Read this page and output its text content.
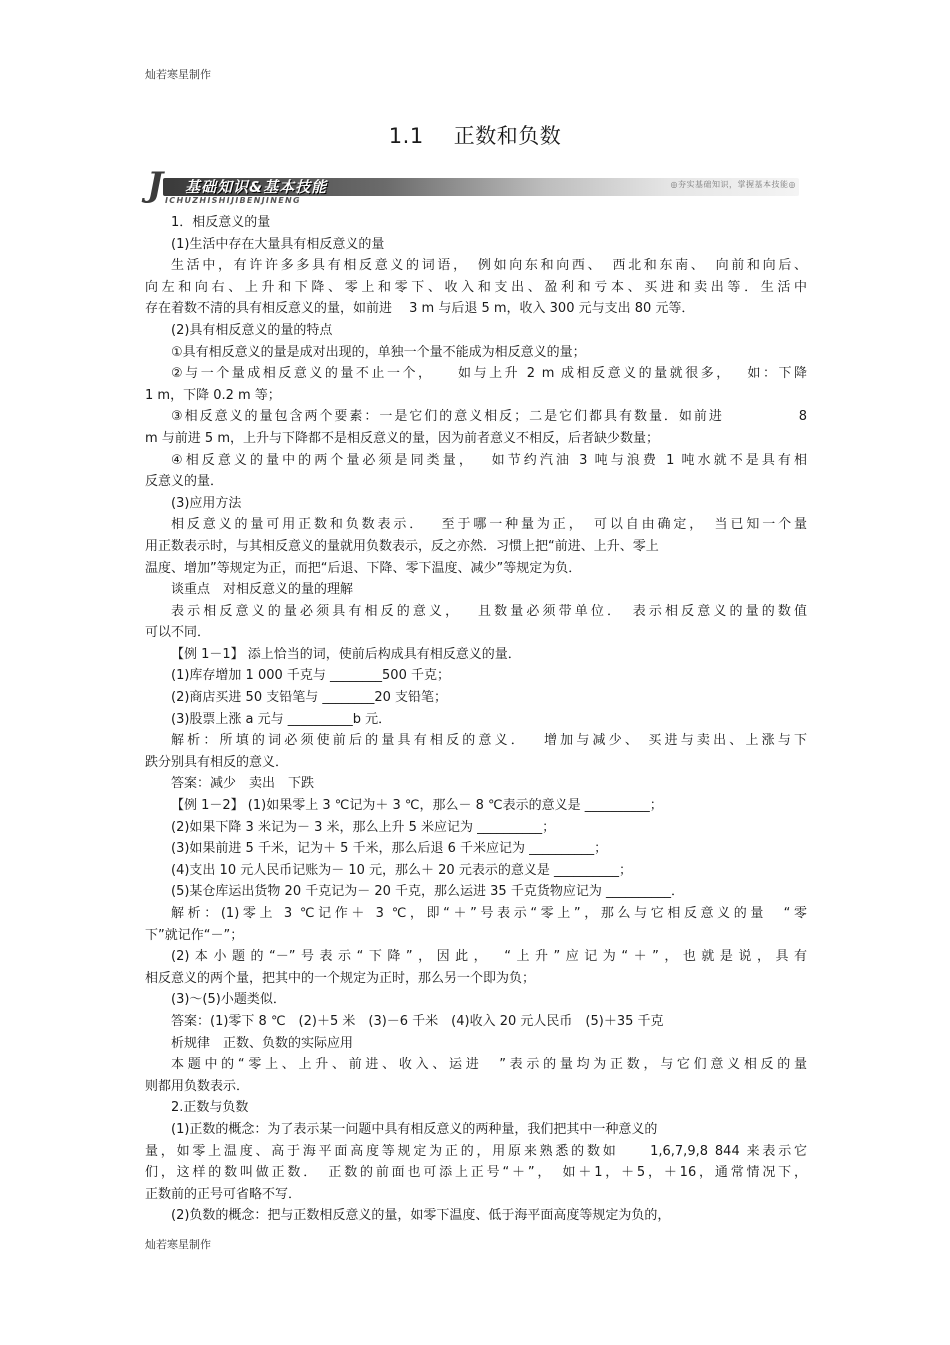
灿若寒星制作
1.1 正数和负数
J 基础知识&基本技能
ICHUZHISHIJIBENJINENG
◎夯实基础知识，掌握基本技能◎

1．相反意义的量

(1)生活中存在大量具有相反意义的量

生活中，有许许多多具有相反意义的词语，　例如向东和向西、　西北和东南、　向前和向后、

向左和向右、上升和下降、零上和零下、收入和支出、盈利和亏本、买进和卖出等．生活中

存在着数不清的具有相反意义的量，如前进　 3 m 与后退 5 m，收入 300 元与支出 80 元等．

(2)具有相反意义的量的特点

①具有相反意义的量是成对出现的，单独一个量不能成为相反意义的量；

②与一个量成相反意义的量不止一个，　　如与上升 2 m 成相反意义的量就很多，　 如：下降

1 m，下降 0.2 m 等；

③相反意义的量包含两个要素：一是它们的意义相反；二是它们都具有数量．如前进　　　　　8

m 与前进 5 m，上升与下降都不是相反意义的量，因为前者意义不相反，后者缺少数量；

④相反意义的量中的两个量必须是同类量，　 如节约汽油 3 吨与浪费 1 吨水就不是具有相

反意义的量．

(3)应用方法

相反意义的量可用正数和负数表示．　 至于哪一种量为正，　可以自由确定，　当已知一个量

用正数表示时，与其相反意义的量就用负数表示，反之亦然．习惯上把“前进、上升、零上

温度、增加”等规定为正，而把“后退、下降、零下温度、减少”等规定为负．

谈重点　对相反意义的量的理解

表示相反意义的量必须具有相反的意义，　 且数量必须带单位．　表示相反意义的量的数值

可以不同．

【例 1－1】 添上恰当的词，使前后构成具有相反意义的量．

(1)库存增加 1 000 千克与 ________500 千克；

(2)商店买进 50 支铅笔与 ________20 支铅笔；

(3)股票上涨 a 元与 __________b 元．

解析：所填的词必须使前后的量具有相反的意义．　 增加与减少、 买进与卖出、上涨与下

跌分别具有相反的意义．

答案：减少　卖出　下跌

【例 1－2】 (1)如果零上 3 ℃记为＋ 3 ℃，那么－ 8 ℃表示的意义是 __________；

(2)如果下降 3 米记为－ 3 米，那么上升 5 米应记为 __________；

(3)如果前进 5 千米，记为＋ 5 千米，那么后退 6 千米应记为 __________；

(4)支出 10 元人民币记账为－ 10 元，那么＋ 20 元表示的意义是 __________；

(5)某仓库运出货物 20 千克记为－ 20 千克，那么运进 35 千克货物应记为 __________．

解析：(1)零上 3 ℃记作＋ 3 ℃，即“＋”号表示“零上”，那么与它相反意义的量　“零

下”就记作“－”；

(2)本小题的“－”号表示“下降”，因此，　“上升”应记为“＋”，也就是说，具有

相反意义的两个量，把其中的一个规定为正时，那么另一个即为负；

(3)～(5)小题类似．

答案：(1)零下 8 ℃　(2)＋5 米　(3)－6 千米　(4)收入 20 元人民币　(5)＋35 千克

析规律　正数、负数的实际应用

本题中的“零上、上升、前进、收入、运进　”表示的量均为正数，与它们意义相反的量

则都用负数表示．

2.正数与负数

(1)正数的概念：为了表示某一问题中具有相反意义的两种量，我们把其中一种意义的

量，如零上温度、高于海平面高度等规定为正的，用原来熟悉的数如　　1,6,7,9,8 844 来表示它

们，这样的数叫做正数．　正数的前面也可添上正号“＋”，　如＋1，＋5，＋16，通常情况下，

正数前的正号可省略不写．

(2)负数的概念：把与正数相反意义的量，如零下温度、低于海平面高度等规定为负的，

灿若寒星制作
